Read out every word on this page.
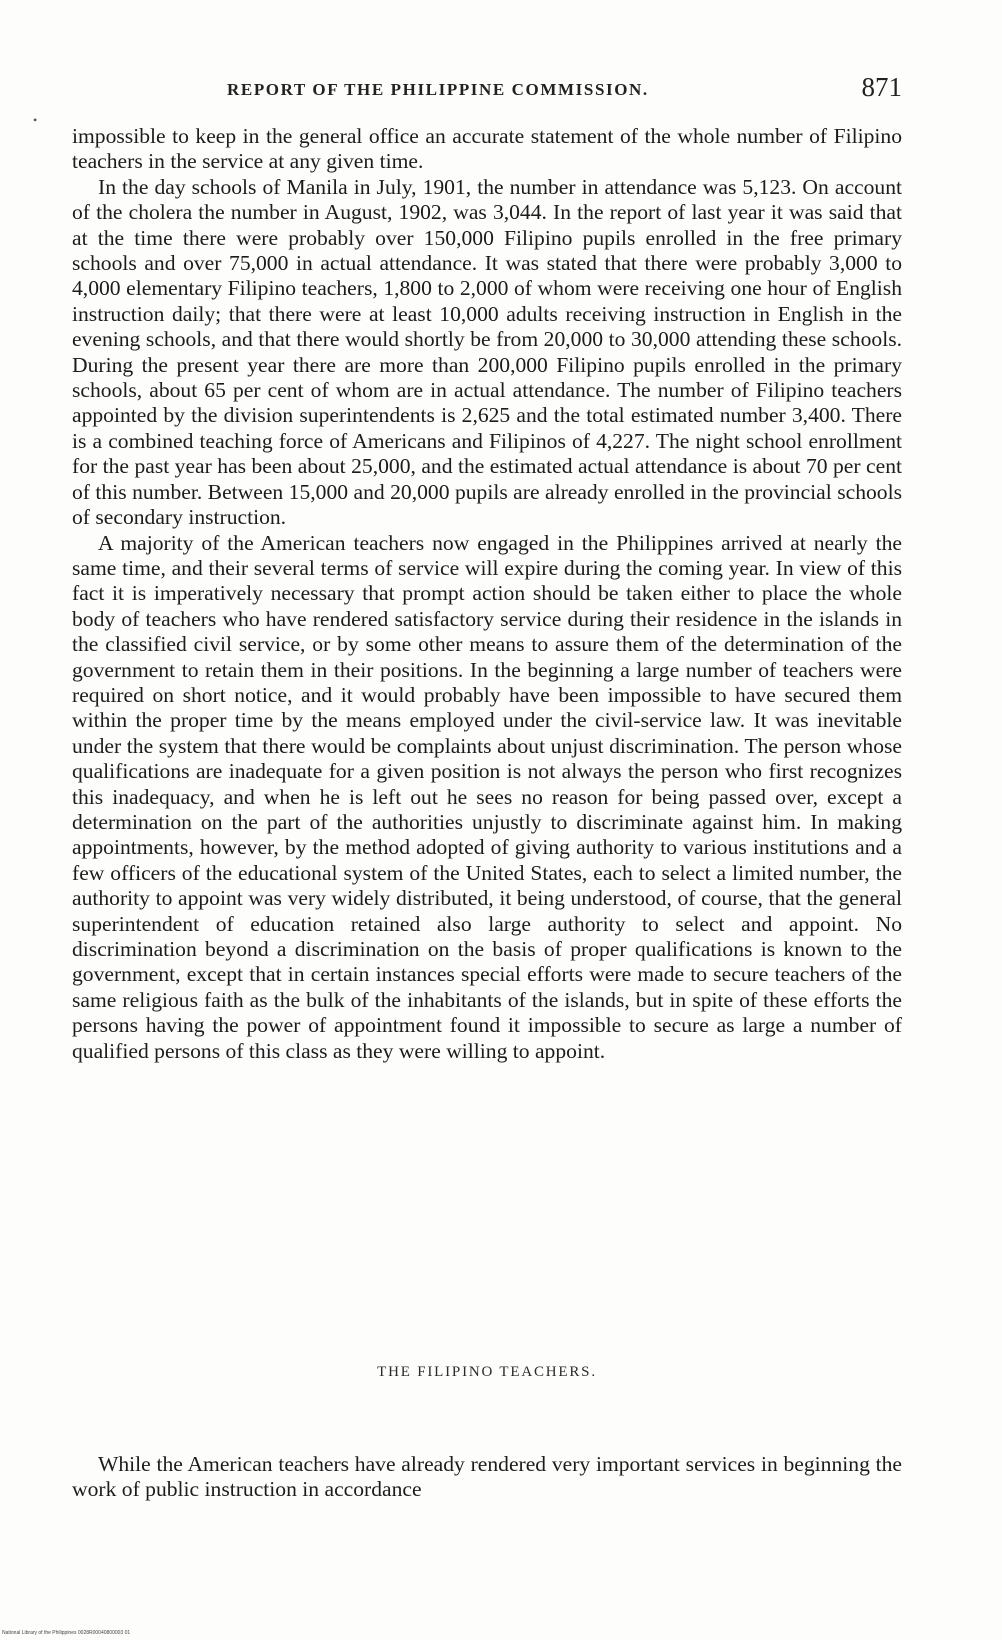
REPORT OF THE PHILIPPINE COMMISSION.	871
•

impossible to keep in the general office an accurate statement of the whole number of Filipino teachers in the service at any given time.

In the day schools of Manila in July, 1901, the number in attendance was 5,123. On account of the cholera the number in August, 1902, was 3,044. In the report of last year it was said that at the time there were probably over 150,000 Filipino pupils enrolled in the free primary schools and over 75,000 in actual attendance. It was stated that there were probably 3,000 to 4,000 elementary Filipino teachers, 1,800 to 2,000 of whom were receiving one hour of English instruction daily; that there were at least 10,000 adults receiving instruction in English in the evening schools, and that there would shortly be from 20,000 to 30,000 attending these schools. During the present year there are more than 200,000 Filipino pupils enrolled in the primary schools, about 65 per cent of whom are in actual attendance. The number of Filipino teachers appointed by the division superintendents is 2,625 and the total estimated number 3,400. There is a combined teaching force of Americans and Filipinos of 4,227. The night school enrollment for the past year has been about 25,000, and the estimated actual attendance is about 70 per cent of this number. Between 15,000 and 20,000 pupils are already enrolled in the provincial schools of secondary instruction.

A majority of the American teachers now engaged in the Philippines arrived at nearly the same time, and their several terms of service will expire during the coming year. In view of this fact it is imperatively necessary that prompt action should be taken either to place the whole body of teachers who have rendered satisfactory service during their residence in the islands in the classified civil service, or by some other means to assure them of the determination of the government to retain them in their positions. In the beginning a large number of teachers were required on short notice, and it would probably have been impossible to have secured them within the proper time by the means employed under the civil-service law. It was inevitable under the system that there would be complaints about unjust discrimination. The person whose qualifications are inadequate for a given position is not always the person who first recognizes this inadequacy, and when he is left out he sees no reason for being passed over, except a determination on the part of the authorities unjustly to discriminate against him. In making appointments, however, by the method adopted of giving authority to various institutions and a few officers of the educational system of the United States, each to select a limited number, the authority to appoint was very widely distributed, it being understood, of course, that the general superintendent of education retained also large authority to select and appoint. No discrimination beyond a discrimination on the basis of proper qualifications is known to the government, except that in certain instances special efforts were made to secure teachers of the same religious faith as the bulk of the inhabitants of the islands, but in spite of these efforts the persons having the power of appointment found it impossible to secure as large a number of qualified persons of this class as they were willing to appoint.

THE FILIPINO TEACHERS.

While the American teachers have already rendered very important services in beginning the work of public instruction in accordance

National Library of the Philippines 0028R00040800003 01
